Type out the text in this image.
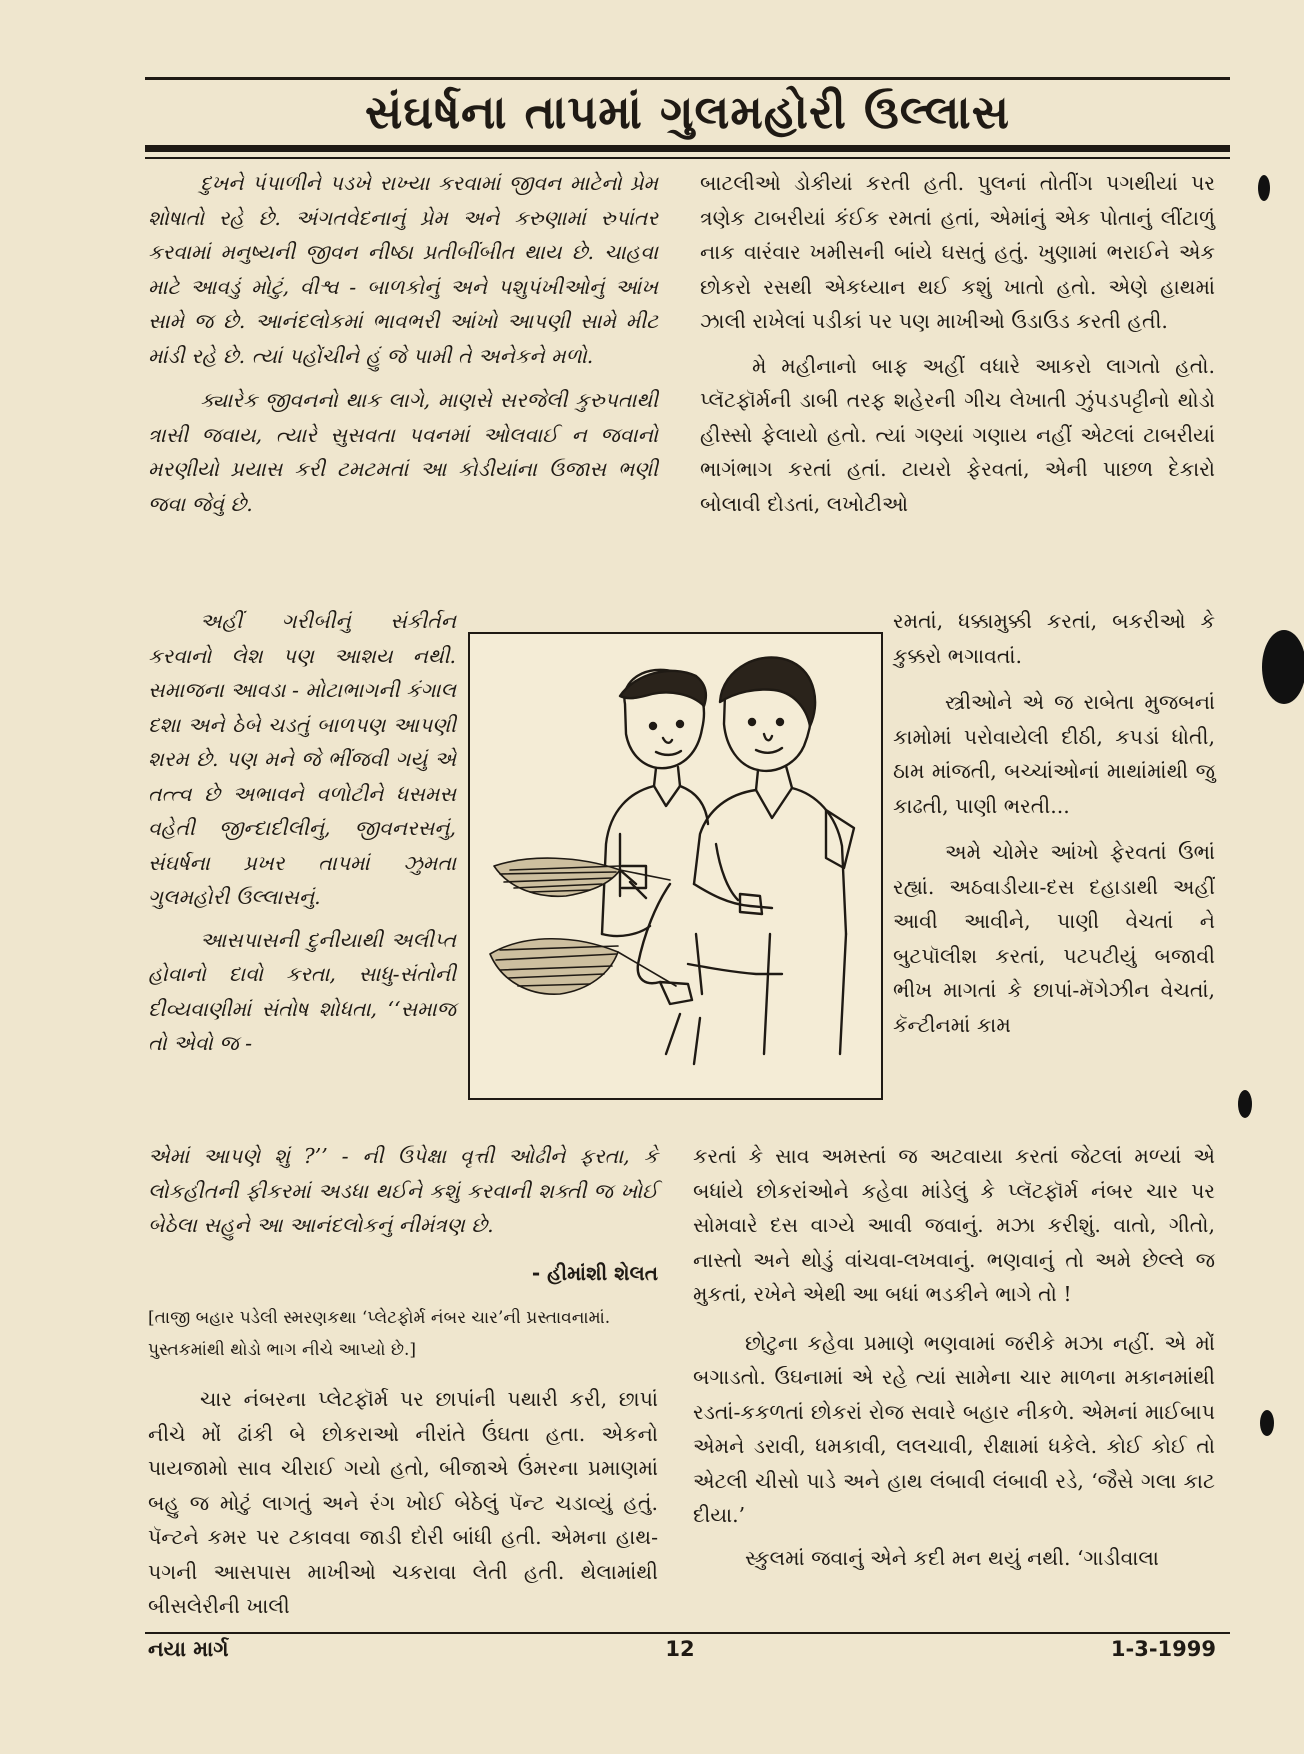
સંઘર્ષના તાપમાં ગુલમહોરી ઉલ્લાસ

દુખને પંપાળીને પડખે રાખ્યા કરવામાં જીવન માટેનો પ્રેમ શોષાતો રહે છે. અંગતવેદનાનું પ્રેમ અને કરુણામાં રુપાંતર કરવામાં મનુષ્યની જીવન નીષ્ઠા પ્રતીબીંબીત થાય છે. ચાહવા માટે આવડું મોટું, વીશ્વ - બાળકોનું અને પશુપંખીઓનું આંખ સામે જ છે. આનંદલોકમાં ભાવભરી આંખો આપણી સામે મીટ માંડી રહે છે. ત્યાં પહોંચીને હું જે પામી તે અનેકને મળો.

ક્યારેક જીવનનો થાક લાગે, માણસે સરજેલી કુરુપતાથી ત્રાસી જવાય, ત્યારે સુસવતા પવનમાં ઓલવાઈ ન જવાનો મરણીયો પ્રયાસ કરી ટમટમતાં આ કોડીયાંના ઉજાસ ભણી જવા જેવું છે.

અહીં ગરીબીનું સંકીર્તન કરવાનો લેશ પણ આશય નથી. સમાજના આવડા - મોટાભાગની કંગાલ દશા અને ઠેબે ચડતું બાળપણ આપણી શરમ છે. પણ મને જે ભીંજવી ગયું એ તત્ત્વ છે અભાવને વળોટીને ધસમસ વહેતી જીન્દાદીલીનું, જીવનરસનું, સંઘર્ષના પ્રખર તાપમાં ઝુમતા ગુલમહોરી ઉલ્લાસનું.

આસપાસની દુનીયાથી અલીપ્ત હોવાનો દાવો કરતા, સાધુ-સંતોની દીવ્યવાણીમાં સંતોષ શોધતા, ‘‘સમાજ તો એવો જ -

એમાં આપણે શું ?’’ - ની ઉપેક્ષા વૃત્તી ઓઢીને ફરતા, કે લોકહીતની ફીકરમાં અડધા થઈને કશું કરવાની શક્તી જ ખોઈ બેઠેલા સહુને આ આનંદલોકનું નીમંત્રણ છે.

- હીમાંશી શેલત
[તાજી બહાર પડેલી સ્મરણકથા ‘પ્લેટફોર્મ નંબર ચાર’ની પ્રસ્તાવનામાં. પુસ્તકમાંથી થોડો ભાગ નીચે આપ્યો છે.]

ચાર નંબરના પ્લેટફૉર્મ પર છાપાંની પથારી કરી, છાપાં નીચે મોં ઢાંકી બે છોકરાઓ નીરાંતે ઉંઘતા હતા. એકનો પાયજામો સાવ ચીરાઈ ગયો હતો, બીજાએ ઉંમરના પ્રમાણમાં બહુ જ મોટું લાગતું અને રંગ ખોઈ બેઠેલું પૅન્ટ ચડાવ્યું હતું. પૅન્ટને કમર પર ટકાવવા જાડી દોરી બાંધી હતી. એમના હાથ-પગની આસપાસ માખીઓ ચકરાવા લેતી હતી. થેલામાંથી બીસલેરીની ખાલી

બાટલીઓ ડોકીયાં કરતી હતી. પુલનાં તોતીંગ પગથીયાં પર ત્રણેક ટાબરીયાં કંઈક રમતાં હતાં, એમાંનું એક પોતાનું લીંટાળું નાક વારંવાર ખમીસની બાંયે ઘસતું હતું. ખુણામાં ભરાઈને એક છોકરો રસથી એકધ્યાન થઈ કશું ખાતો હતો. એણે હાથમાં ઝાલી રાખેલાં પડીકાં પર પણ માખીઓ ઉડાઉડ કરતી હતી.

મે મહીનાનો બાફ અહીં વધારે આકરો લાગતો હતો. પ્લૅટફૉર્મની ડાબી તરફ શહેરની ગીચ લેખાતી ઝુંપડપટ્ટીનો થોડો હીસ્સો ફેલાયો હતો. ત્યાં ગણ્યાં ગણાય નહીં એટલાં ટાબરીયાં ભાગંભાગ કરતાં હતાં. ટાયરો ફેરવતાં, એની પાછળ દેકારો બોલાવી દોડતાં, લખોટીઓ

રમતાં, ધક્કામુક્કી કરતાં, બકરીઓ કે કુક્કરો ભગાવતાં.

સ્ત્રીઓને એ જ રાબેતા મુજબનાં કામોમાં પરોવાયેલી દીઠી, કપડાં ધોતી, ઠામ માંજતી, બચ્ચાંઓનાં માથાંમાંથી જુ કાઢતી, પાણી ભરતી...

અમે ચોમેર આંખો ફેરવતાં ઉભાં રહ્યાં. અઠવાડીયા-દસ દહાડાથી અહીં આવી આવીને, પાણી વેચતાં ને બુટપૉલીશ કરતાં, પટપટીયું બજાવી ભીખ માગતાં કે છાપાં-મૅગેઝીન વેચતાં, કૅન્ટીનમાં કામ

કરતાં કે સાવ અમસ્તાં જ અટવાયા કરતાં જેટલાં મળ્યાં એ બધાંયે છોકરાંઓને કહેવા માંડેલું કે પ્લૅટફૉર્મ નંબર ચાર પર સોમવારે દસ વાગ્યે આવી જવાનું. મઝા કરીશું. વાતો, ગીતો, નાસ્તો અને થોડું વાંચવા-લખવાનું. ભણવાનું તો અમે છેલ્લે જ મુકતાં, રખેને એથી આ બધાં ભડકીને ભાગે તો !

છોટુના કહેવા પ્રમાણે ભણવામાં જરીકે મઝા નહીં. એ મોં બગાડતો. ઉઘનામાં એ રહે ત્યાં સામેના ચાર માળના મકાનમાંથી રડતાં-કકળતાં છોકરાં રોજ સવારે બહાર નીકળે. એમનાં માઈબાપ એમને ડરાવી, ધમકાવી, લલચાવી, રીક્ષામાં ધકેલે. કોઈ કોઈ તો એટલી ચીસો પાડે અને હાથ લંબાવી લંબાવી રડે, ‘જૈસે ગલા કાટ દીયા.’

સ્કુલમાં જવાનું એને કદી મન થયું નથી. ‘ગાડીવાલા

નયા માર્ગ	12	1-3-1999
